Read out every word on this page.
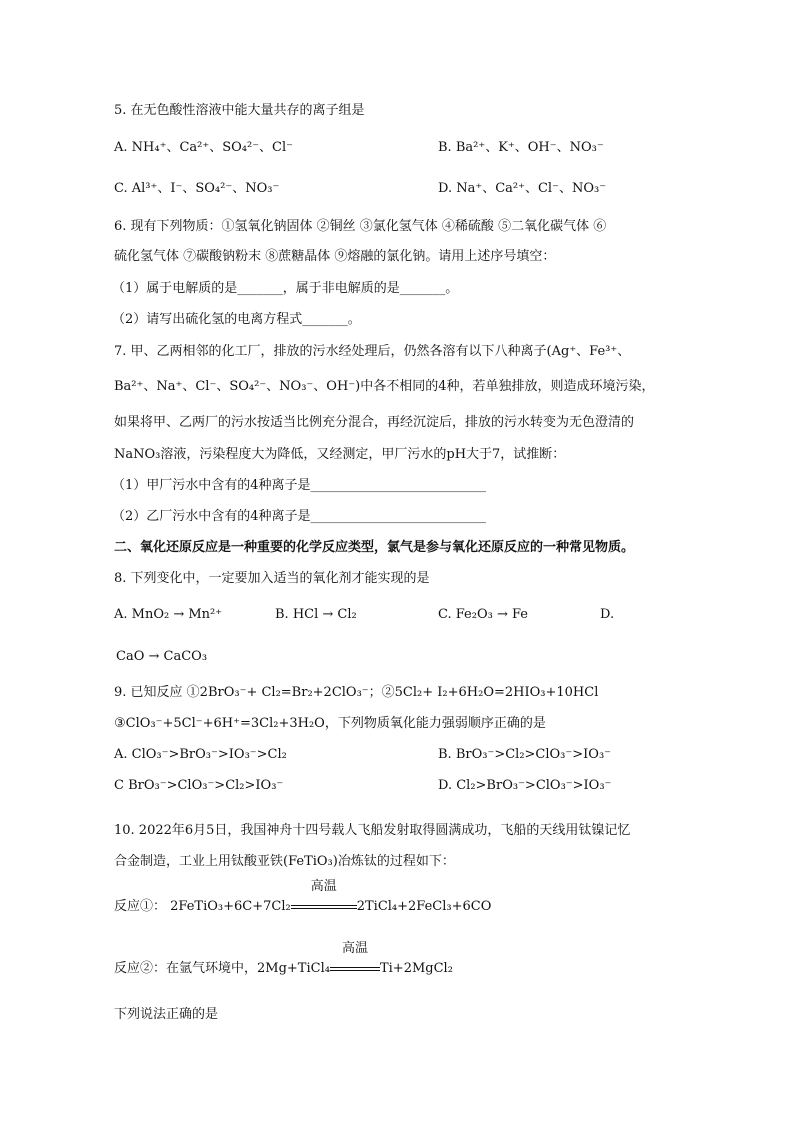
5. 在无色酸性溶液中能大量共存的离子组是
A. NH₄⁺、Ca²⁺、SO₄²⁻、Cl⁻	B. Ba²⁺、K⁺、OH⁻、NO₃⁻
C. Al³⁺、I⁻、SO₄²⁻、NO₃⁻	D. Na⁺、Ca²⁺、Cl⁻、NO₃⁻
6. 现有下列物质：①氢氧化钠固体 ②铜丝 ③氯化氢气体 ④稀硫酸 ⑤二氧化碳气体 ⑥
硫化氢气体 ⑦碳酸钠粉末 ⑧蔗糖晶体 ⑨熔融的氯化钠。请用上述序号填空：
（1）属于电解质的是_______，属于非电解质的是_______。
（2）请写出硫化氢的电离方程式_______。
7. 甲、乙两相邻的化工厂，排放的污水经处理后，仍然各溶有以下八种离子(Ag⁺、Fe³⁺、
Ba²⁺、Na⁺、Cl⁻、SO₄²⁻、NO₃⁻、OH⁻)中各不相同的4种，若单独排放，则造成环境污染，
如果将甲、乙两厂的污水按适当比例充分混合，再经沉淀后，排放的污水转变为无色澄清的
NaNO₃溶液，污染程度大为降低，又经测定，甲厂污水的pH大于7，试推断：
（1）甲厂污水中含有的4种离子是___________________________
（2）乙厂污水中含有的4种离子是___________________________
二、氧化还原反应是一种重要的化学反应类型，氯气是参与氧化还原反应的一种常见物质。
8. 下列变化中，一定要加入适当的氧化剂才能实现的是
A. MnO₂ → Mn²⁺	B. HCl → Cl₂	C. Fe₂O₃ → Fe	D.
CaO → CaCO₃
9. 已知反应 ①2BrO₃⁻+ Cl₂=Br₂+2ClO₃⁻；②5Cl₂+ I₂+6H₂O=2HIO₃+10HCl
③ClO₃⁻+5Cl⁻+6H⁺=3Cl₂+3H₂O，下列物质氧化能力强弱顺序正确的是
A. ClO₃⁻>BrO₃⁻>IO₃⁻>Cl₂	B. BrO₃⁻>Cl₂>ClO₃⁻>IO₃⁻
C BrO₃⁻>ClO₃⁻>Cl₂>IO₃⁻	D. Cl₂>BrO₃⁻>ClO₃⁻>IO₃⁻
10. 2022年6月5日，我国神舟十四号载人飞船发射取得圆满成功，飞船的天线用钛镍记忆
合金制造，工业上用钛酸亚铁(FeTiO₃)冶炼钛的过程如下：
反应①： 2FeTiO₃+6C+7Cl₂
高温
2TiCl₄+2FeCl₃+6CO
反应②：在氩气环境中，2Mg+TiCl₄
高温
Ti+2MgCl₂
下列说法正确的是
